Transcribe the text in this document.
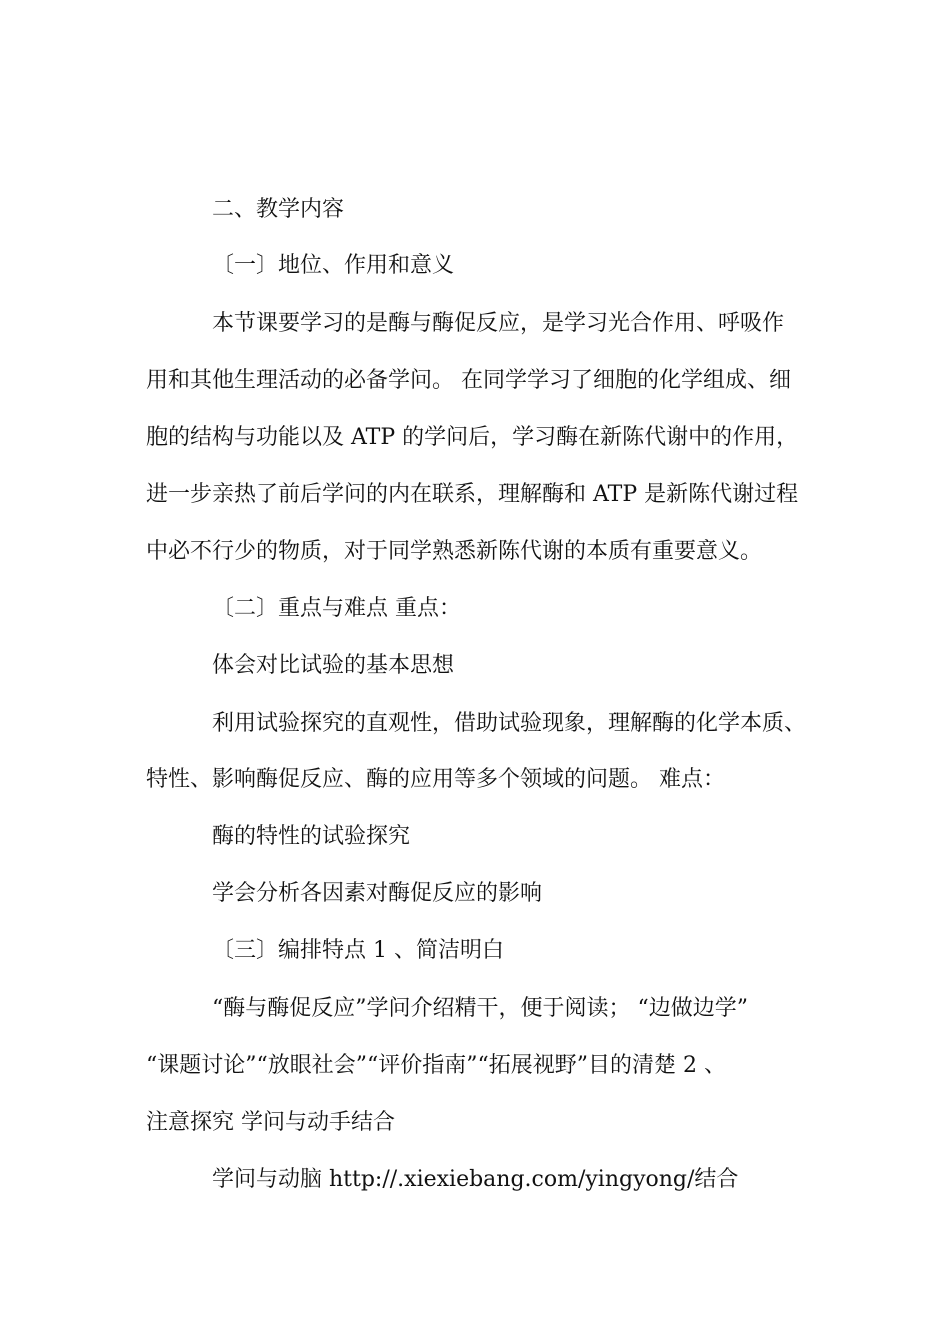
二、教学内容
〔一〕地位、作用和意义
本节课要学习的是酶与酶促反应，是学习光合作用、呼吸作
用和其他生理活动的必备学问。 在同学学习了细胞的化学组成、细
胞的结构与功能以及 ATP 的学问后，学习酶在新陈代谢中的作用，
进一步亲热了前后学问的内在联系，理解酶和 ATP 是新陈代谢过程
中必不行少的物质，对于同学熟悉新陈代谢的本质有重要意义。
〔二〕重点与难点 重点：
体会对比试验的基本思想
利用试验探究的直观性，借助试验现象，理解酶的化学本质、
特性、影响酶促反应、酶的应用等多个领域的问题。 难点：
酶的特性的试验探究
学会分析各因素对酶促反应的影响
〔三〕编排特点 1 、简洁明白
“酶与酶促反应”学问介绍精干，便于阅读； “边做边学”
“课题讨论”“放眼社会”“评价指南”“拓展视野”目的清楚 2 、
注意探究 学问与动手结合
学问与动脑 http://.xiexiebang.com/yingyong/结合
